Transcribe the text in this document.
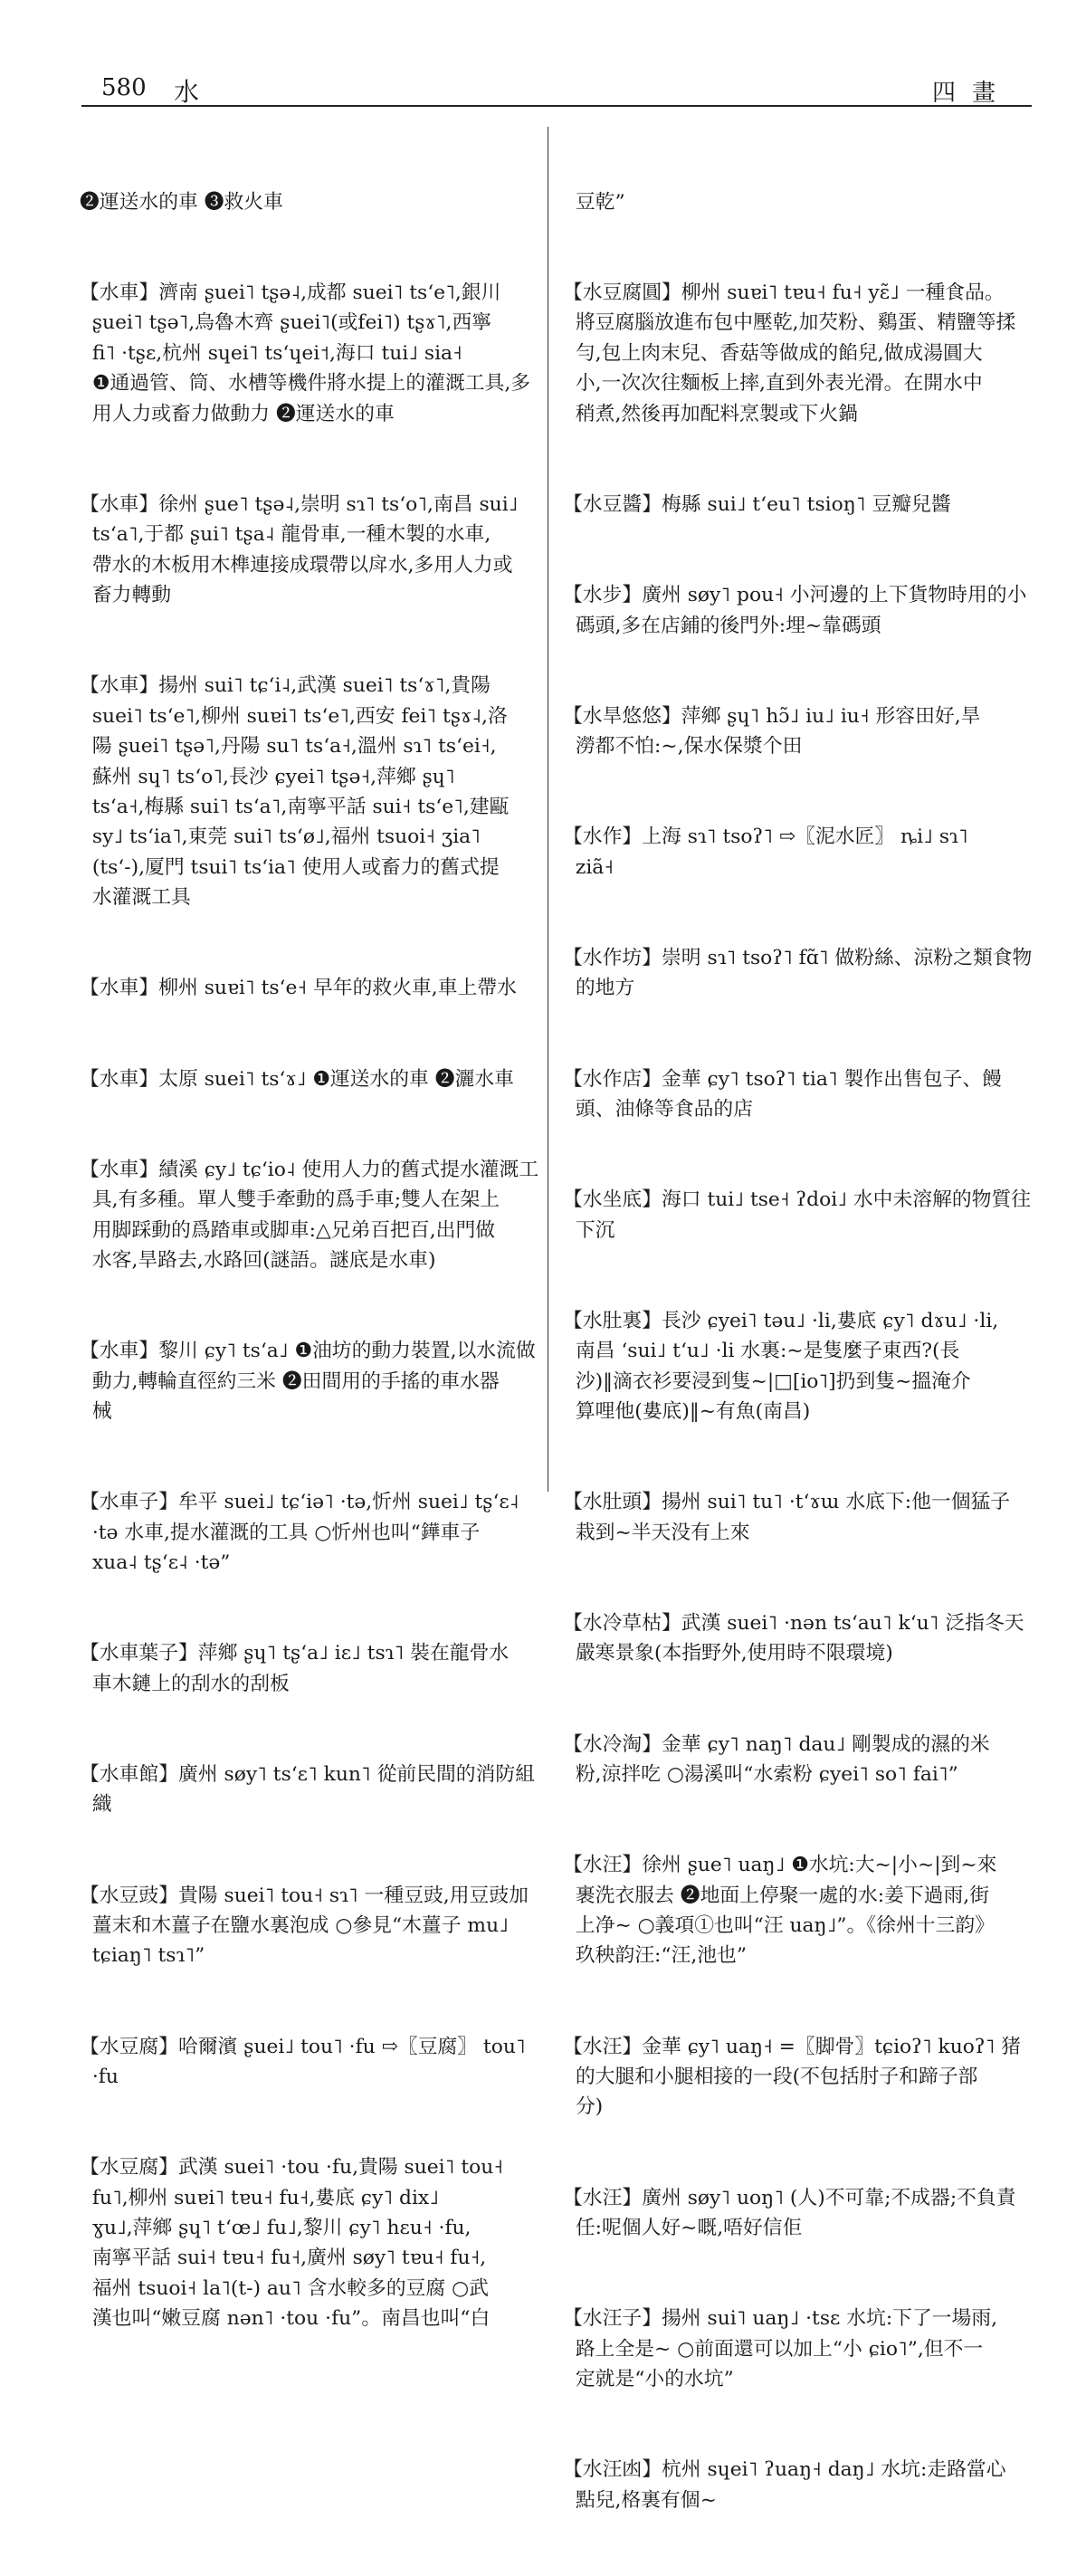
580 水	四畫

❷運送水的車 ❸救火車

【水車】濟南 ʂuei˥ tʂə˨,成都 suei˥ tsʻe˥,銀川
ʂuei˥ tʂə˥,烏魯木齊 ʂuei˥(或fei˥) tʂɤ˥,西寧
fi˥ ·tʂɛ,杭州 sɥei˥ tsʻɥei˦,海口 tui˩ sia˧
❶通過管、筒、水槽等機件將水提上的灌溉工具,多
用人力或畜力做動力 ❷運送水的車

【水車】徐州 ʂue˥ tʂə˨,崇明 sɿ˥ tsʻo˥,南昌 sui˩
tsʻa˥,于都 ʂui˥ tʂa˨ 龍骨車,一種木製的水車,
帶水的木板用木榫連接成環帶以戽水,多用人力或
畜力轉動

【水車】揚州 sui˥ tɕʻi˨,武漢 suei˥ tsʻɤ˥,貴陽
suei˥ tsʻe˥,柳州 suɐi˥ tsʻe˥,西安 fei˥ tʂɤ˨,洛
陽 ʂuei˥ tʂə˥,丹陽 su˥ tsʻa˧,溫州 sɿ˥ tsʻei˧,
蘇州 sɥ˥ tsʻo˥,長沙 ɕyei˥ tʂə˧,萍鄉 ʂɥ˥
tsʻa˧,梅縣 sui˥ tsʻa˥,南寧平話 sui˧ tsʻe˥,建甌
sy˩ tsʻia˥,東莞 sui˥ tsʻø˩,福州 tsuoi˧ ʒia˥
(tsʻ-),厦門 tsui˥ tsʻia˥ 使用人或畜力的舊式提
水灌溉工具

【水車】柳州 suɐi˥ tsʻe˧ 早年的救火車,車上帶水

【水車】太原 suei˥ tsʻɤ˩ ❶運送水的車 ❷灑水車

【水車】績溪 ɕy˩ tɕʻio˨ 使用人力的舊式提水灌溉工
具,有多種。單人雙手牽動的爲手車;雙人在架上
用脚踩動的爲踏車或脚車:△兄弟百把百,出門做
水客,旱路去,水路回(謎語。謎底是水車)

【水車】黎川 ɕy˥ tsʻa˩ ❶油坊的動力裝置,以水流做
動力,轉輪直徑約三米 ❷田間用的手搖的車水器
械

【水車子】牟平 suei˩ tɕʻiə˥ ·tə,忻州 suei˩ tʂʻɛ˨
·tə 水車,提水灌溉的工具 ○忻州也叫“鏵車子
xua˨ tʂʻɛ˨ ·tə”

【水車葉子】萍鄉 ʂɥ˥ tʂʻa˩ iɛ˩ tsɿ˥ 裝在龍骨水
車木鏈上的刮水的刮板

【水車館】廣州 søy˥ tsʻɛ˥ kun˥ 從前民間的消防組
織

【水豆豉】貴陽 suei˥ tou˧ sɿ˥ 一種豆豉,用豆豉加
薑末和木薑子在鹽水裏泡成 ○參見“木薑子 mu˩
tɕiaŋ˥ tsɿ˥”

【水豆腐】哈爾濱 ʂuei˩ tou˥ ·fu ⇨〖豆腐〗 tou˥
·fu

【水豆腐】武漢 suei˥ ·tou ·fu,貴陽 suei˥ tou˧
fu˥,柳州 suɐi˥ tɐu˧ fu˧,婁底 ɕy˥ dix˩
ɣu˩,萍鄉 ʂɥ˥ tʻœ˩ fu˩,黎川 ɕy˥ hɛu˧ ·fu,
南寧平話 sui˧ tɐu˧ fu˧,廣州 søy˥ tɐu˧ fu˧,
福州 tsuoi˧ la˥(t-) au˥ 含水較多的豆腐 ○武
漢也叫“嫩豆腐 nən˥ ·tou ·fu”。南昌也叫“白

豆乾”

【水豆腐圓】柳州 suɐi˥ tɐu˧ fu˧ yɛ̃˩ 一種食品。
將豆腐腦放進布包中壓乾,加芡粉、鷄蛋、精鹽等揉
勻,包上肉末兒、香菇等做成的餡兒,做成湯圓大
小,一次次往麵板上摔,直到外表光滑。在開水中
稍煮,然後再加配料烹製或下火鍋

【水豆醬】梅縣 sui˩ tʻeu˥ tsioŋ˥ 豆瓣兒醬

【水步】廣州 søy˥ pou˧ 小河邊的上下貨物時用的小
碼頭,多在店鋪的後門外:埋~靠碼頭

【水旱悠悠】萍鄉 ʂɥ˥ hɔ̃˩ iu˩ iu˧ 形容田好,旱
澇都不怕:~,保水保漿个田

【水作】上海 sɿ˥ tsoʔ˥ ⇨〖泥水匠〗 ȵi˩ sɿ˥
ziã˧

【水作坊】崇明 sɿ˥ tsoʔ˥ fɑ̃˥ 做粉絲、涼粉之類食物
的地方

【水作店】金華 ɕy˥ tsoʔ˥ tia˥ 製作出售包子、饅
頭、油條等食品的店

【水坐底】海口 tui˩ tse˧ ʔdoi˩ 水中未溶解的物質往
下沉

【水肚裏】長沙 ɕyei˥ təu˩ ·li,婁底 ɕy˥ dɤu˩ ·li,
南昌 ʻsui˩ tʻu˩ ·li 水裏:~是隻麼子東西?(長
沙)‖滴衣衫要浸到隻~|□[io˥]扔到隻~搵淹介
算哩他(婁底)‖~有魚(南昌)

【水肚頭】揚州 sui˥ tu˥ ·tʻɤɯ 水底下:他一個猛子
栽到~半天没有上來

【水冷草枯】武漢 suei˥ ·nən tsʻau˥ kʻu˥ 泛指冬天
嚴寒景象(本指野外,使用時不限環境)

【水冷淘】金華 ɕy˥ naŋ˥ dau˩ 剛製成的濕的米
粉,涼拌吃 ○湯溪叫“水索粉 ɕyei˥ so˥ fai˥”

【水汪】徐州 ʂue˥ uaŋ˩ ❶水坑:大~|小~|到~來
裹洗衣服去 ❷地面上停聚一處的水:姜下過雨,街
上净~ ○義項①也叫“汪 uaŋ˩”。《徐州十三韵》
玖秧韵汪:“汪,池也”

【水汪】金華 ɕy˥ uaŋ˧ =〖脚骨〗tɕioʔ˥ kuoʔ˥ 猪
的大腿和小腿相接的一段(不包括肘子和蹄子部
分)

【水汪】廣州 søy˥ uoŋ˥ (人)不可靠;不成器;不負責
任:呢個人好~嘅,唔好信佢

【水汪子】揚州 sui˥ uaŋ˩ ·tsɛ 水坑:下了一場雨,
路上全是~ ○前面還可以加上“小 ɕio˥”,但不一
定就是“小的水坑”

【水汪凼】杭州 sɥei˥ ʔuaŋ˧ daŋ˩ 水坑:走路當心
點兒,格裏有個~
